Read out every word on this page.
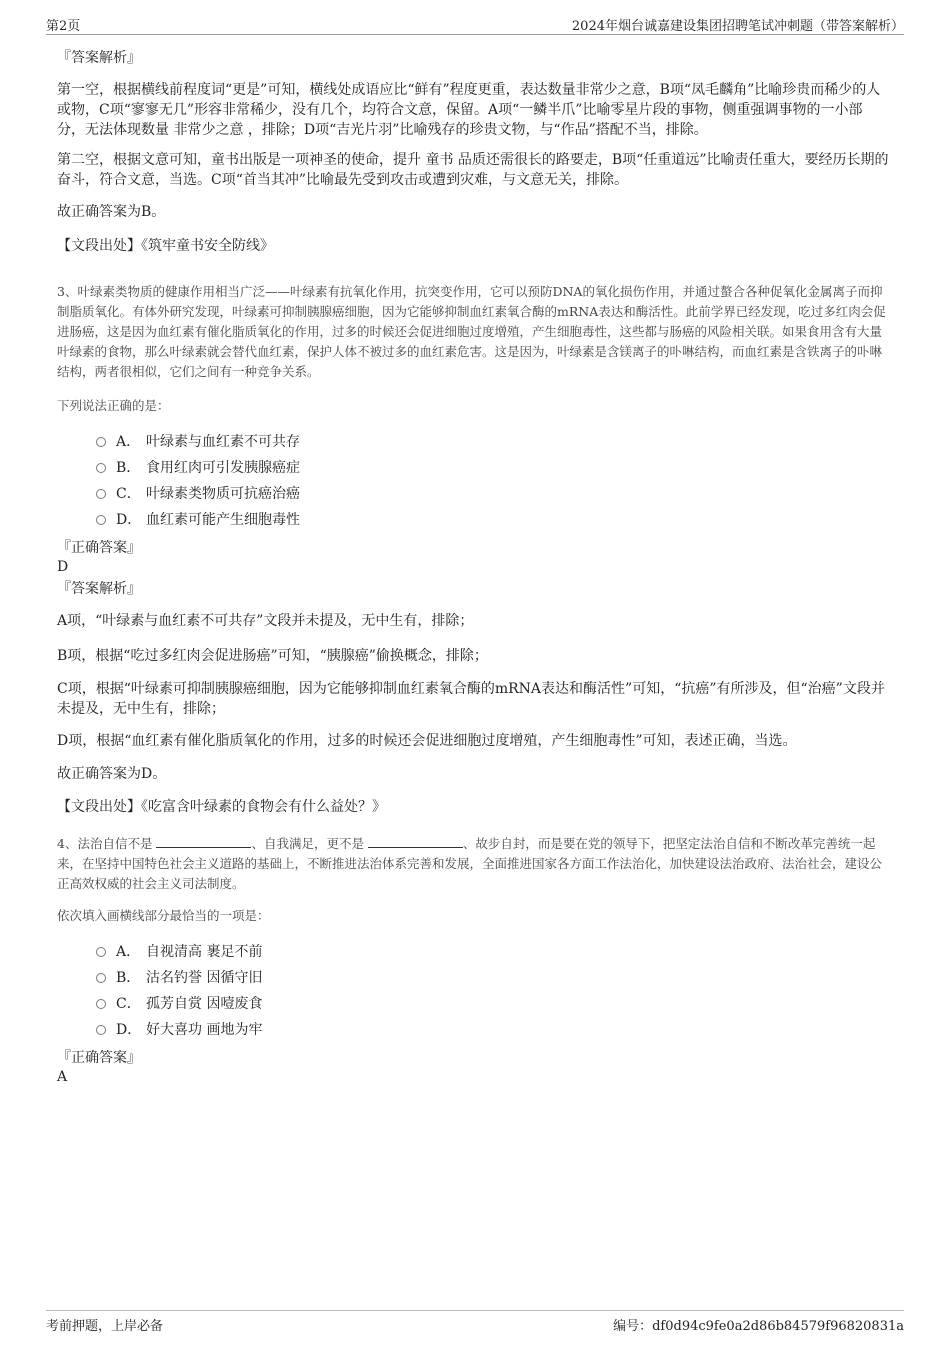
第2页	2024年烟台诚嘉建设集团招聘笔试冲刺题（带答案解析）

『答案解析』

第一空，根据横线前程度词“更是”可知，横线处成语应比“鲜有”程度更重，表达数量非常少之意，B项“凤毛麟角”比喻珍贵而稀少的人或物，C项“寥寥无几”形容非常稀少，没有几个，均符合文意，保留。A项“一鳞半爪”比喻零星片段的事物，侧重强调事物的一小部分，无法体现数量 非常少之意 ，排除；D项“吉光片羽”比喻残存的珍贵文物，与“作品”搭配不当，排除。

第二空，根据文意可知，童书出版是一项神圣的使命，提升 童书 品质还需很长的路要走，B项“任重道远”比喻责任重大，要经历长期的奋斗，符合文意，当选。C项“首当其冲”比喻最先受到攻击或遭到灾难，与文意无关，排除。

故正确答案为B。

【文段出处】《筑牢童书安全防线》

3、叶绿素类物质的健康作用相当广泛——叶绿素有抗氧化作用，抗突变作用，它可以预防DNA的氧化损伤作用，并通过螯合各种促氧化金属离子而抑制脂质氧化。有体外研究发现，叶绿素可抑制胰腺癌细胞，因为它能够抑制血红素氧合酶的mRNA表达和酶活性。此前学界已经发现，吃过多红肉会促进肠癌，这是因为血红素有催化脂质氧化的作用，过多的时候还会促进细胞过度增殖，产生细胞毒性，这些都与肠癌的风险相关联。如果食用含有大量叶绿素的食物，那么叶绿素就会替代血红素，保护人体不被过多的血红素危害。这是因为，叶绿素是含镁离子的卟啉结构，而血红素是含铁离子的卟啉结构，两者很相似，它们之间有一种竞争关系。

下列说法正确的是：

A． 叶绿素与血红素不可共存
B． 食用红肉可引发胰腺癌症
C． 叶绿素类物质可抗癌治癌
D． 血红素可能产生细胞毒性

『正确答案』

D

『答案解析』

A项，“叶绿素与血红素不可共存”文段并未提及，无中生有，排除；

B项，根据“吃过多红肉会促进肠癌”可知，“胰腺癌”偷换概念，排除；

C项，根据“叶绿素可抑制胰腺癌细胞，因为它能够抑制血红素氧合酶的mRNA表达和酶活性”可知，“抗癌”有所涉及，但“治癌”文段并未提及，无中生有，排除；

D项，根据“血红素有催化脂质氧化的作用，过多的时候还会促进细胞过度增殖，产生细胞毒性”可知，表述正确，当选。

故正确答案为D。

【文段出处】《吃富含叶绿素的食物会有什么益处？》

4、法治自信不是	、自我满足，更不是	、故步自封，而是要在党的领导下，把坚定法治自信和不断改革完善统一起来，在坚持中国特色社会主义道路的基础上，不断推进法治体系完善和发展，全面推进国家各方面工作法治化，加快建设法治政府、法治社会，建设公正高效权威的社会主义司法制度。

依次填入画横线部分最恰当的一项是：

A． 自视清高 裹足不前
B． 沽名钓誉 因循守旧
C． 孤芳自赏 因噎废食
D． 好大喜功 画地为牢

『正确答案』

A

考前押题，上岸必备	编号：df0d94c9fe0a2d86b84579f96820831a
